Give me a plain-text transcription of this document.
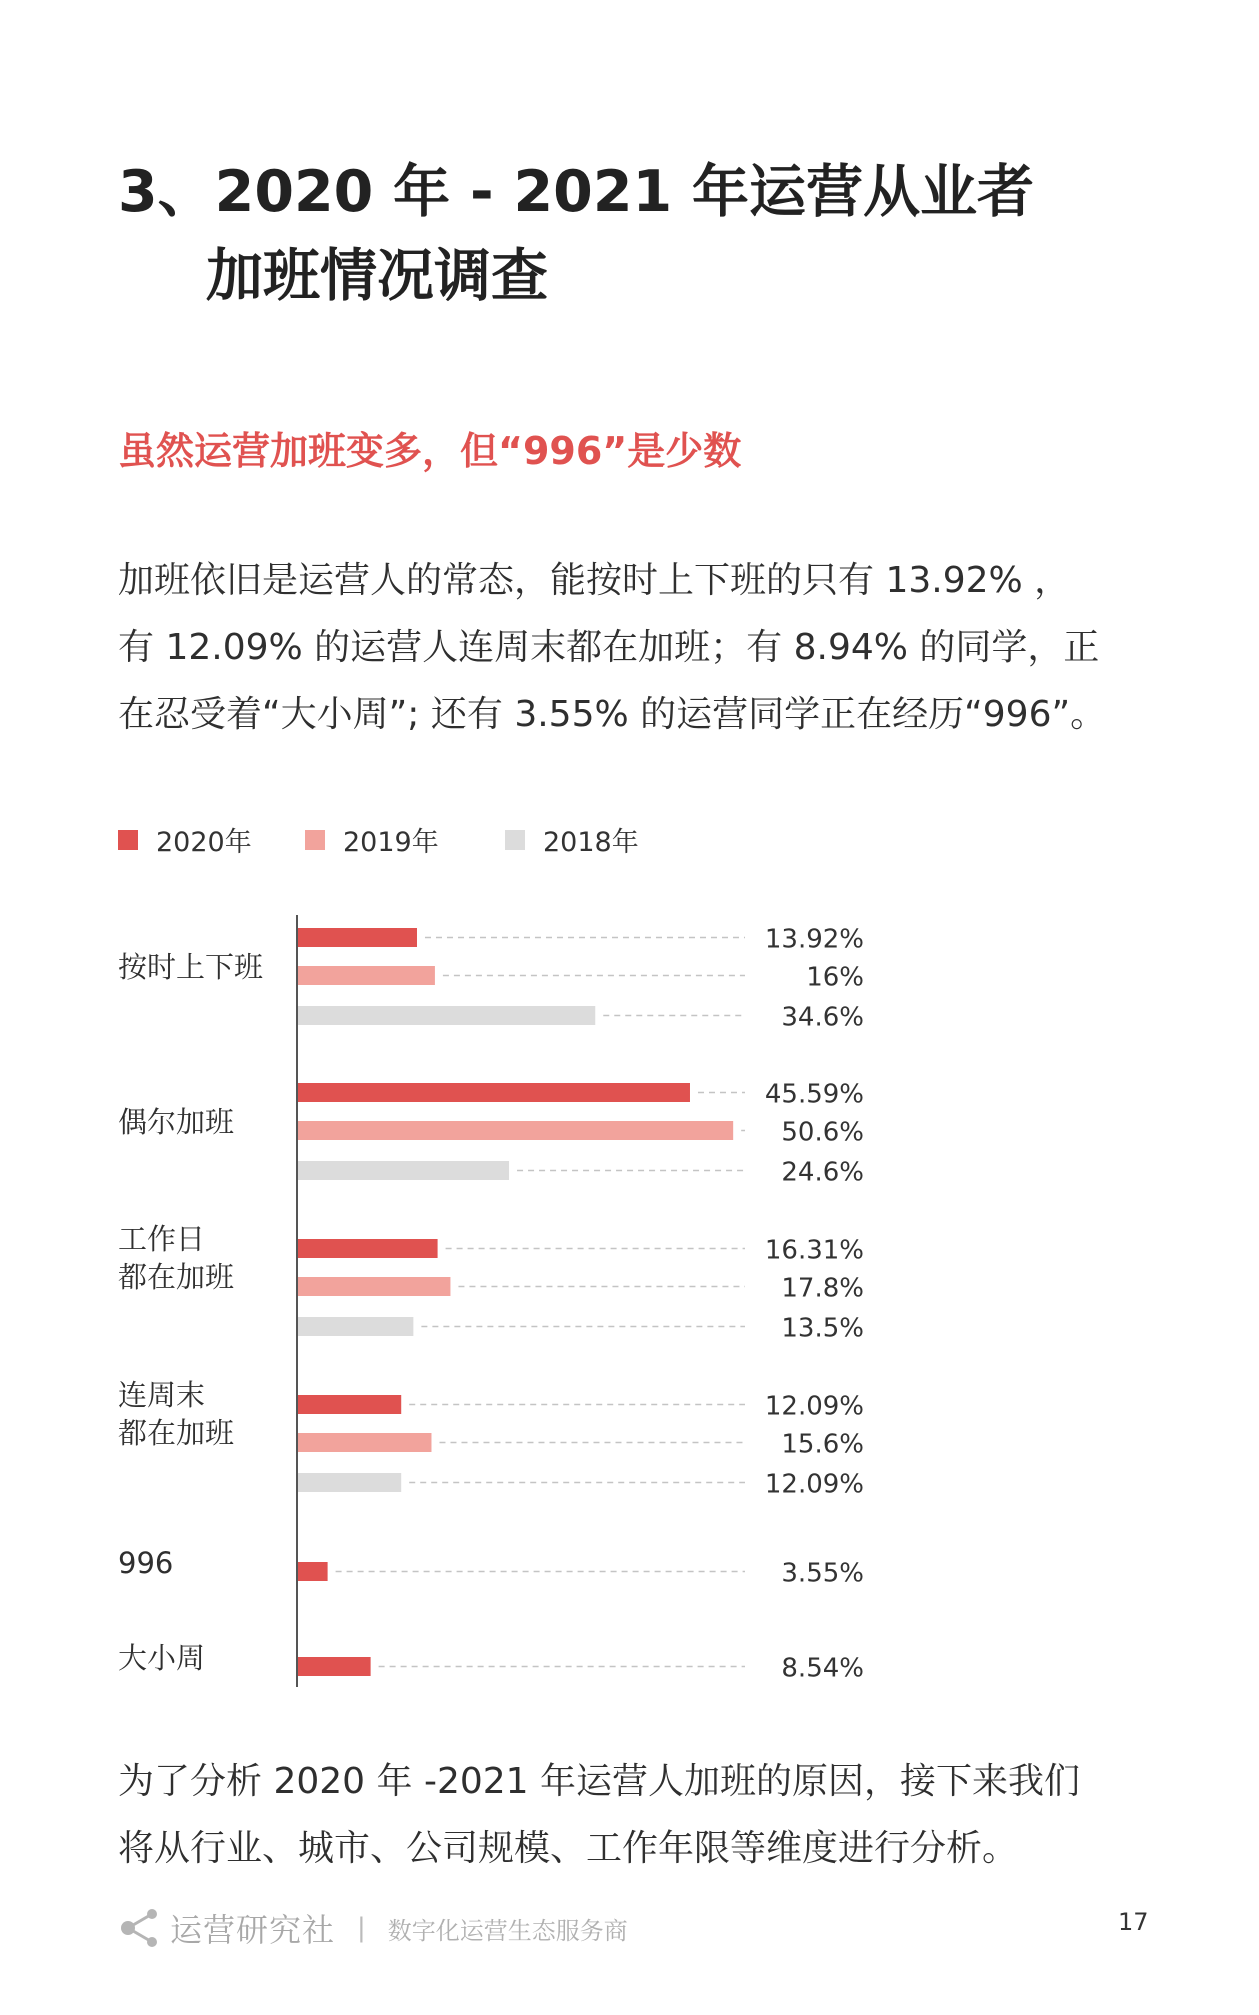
3、2020 年 - 2021 年运营从业者
加班情况调查
虽然运营加班变多，但“996”是少数

加班依旧是运营人的常态，能按时上下班的只有 13.92% ，

有 12.09% 的运营人连周末都在加班；有 8.94% 的同学，正

在忍受着“大小周”; 还有 3.55% 的运营同学正在经历“996”。

2020年	2019年	2018年
按时上下班
偶尔加班
工作日
都在加班
连周末
都在加班
996
大小周
13.92%
16%
34.6%
45.59%
50.6%
24.6%
16.31%
17.8%
13.5%
12.09%
15.6%
12.09%
3.55%
8.54%

为了分析 2020 年 -2021 年运营人加班的原因，接下来我们

将从行业、城市、公司规模、工作年限等维度进行分析。

运营研究社 | 数字化运营生态服务商	17
